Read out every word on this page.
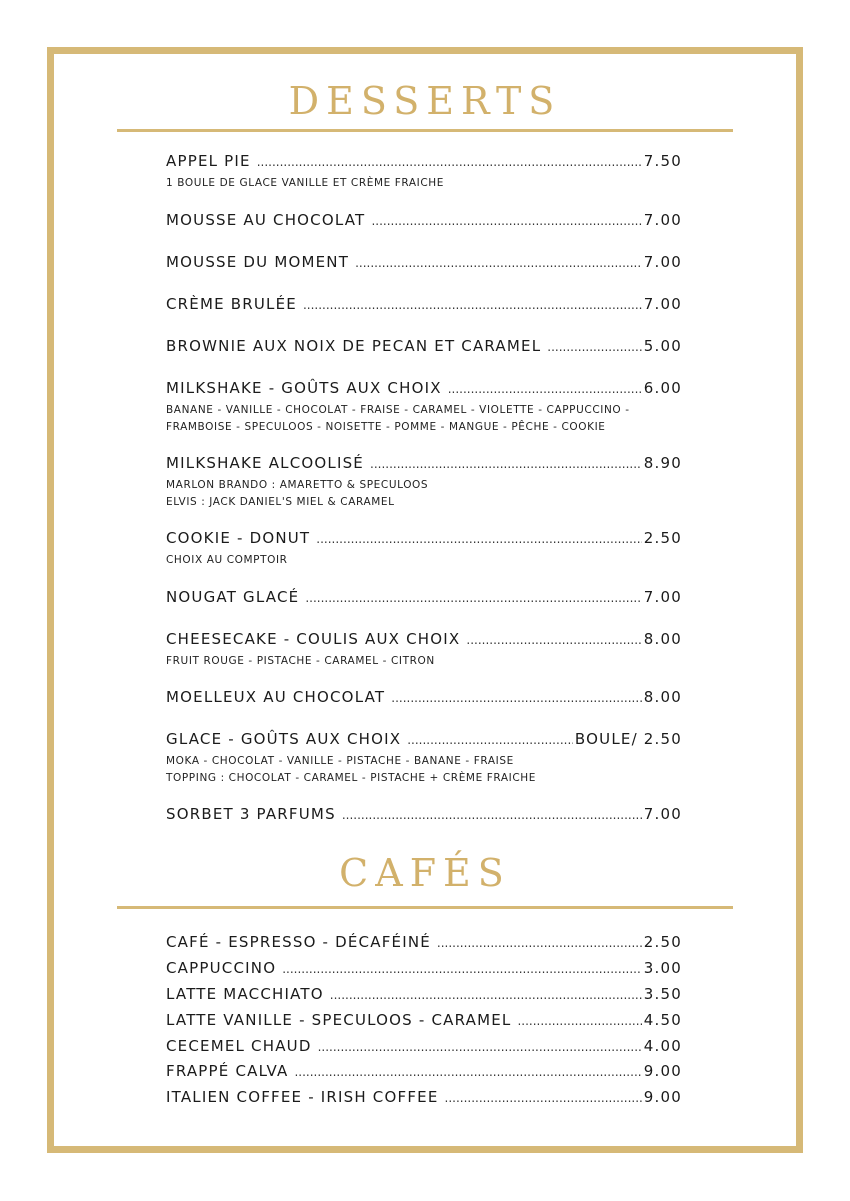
DESSERTS
APPEL PIE .....	7.50
1 BOULE DE GLACE VANILLE ET CRÈME FRAICHE
MOUSSE AU CHOCOLAT .....	7.00
MOUSSE DU MOMENT .....	7.00
CRÈME BRULÉE .....	7.00
BROWNIE AUX NOIX DE PECAN ET CARAMEL .....	5.00
MILKSHAKE - GOÛTS AUX CHOIX .....	6.00
BANANE - VANILLE - CHOCOLAT - FRAISE - CARAMEL - VIOLETTE - CAPPUCCINO -
FRAMBOISE - SPECULOOS - NOISETTE - POMME - MANGUE - PÊCHE - COOKIE
MILKSHAKE ALCOOLISÉ .....	8.90
MARLON BRANDO : AMARETTO & SPECULOOS
ELVIS : JACK DANIEL'S MIEL & CARAMEL
COOKIE - DONUT .....	2.50
CHOIX AU COMPTOIR
NOUGAT GLACÉ .....	7.00
CHEESECAKE - COULIS AUX CHOIX .....	8.00
FRUIT ROUGE - PISTACHE - CARAMEL - CITRON
MOELLEUX AU CHOCOLAT .....	8.00
GLACE - GOÛTS AUX CHOIX .....	BOULE/ 2.50
MOKA - CHOCOLAT - VANILLE - PISTACHE - BANANE - FRAISE
TOPPING : CHOCOLAT - CARAMEL - PISTACHE + CRÈME FRAICHE
SORBET 3 PARFUMS .....	7.00
CAFÉS
CAFÉ - ESPRESSO - DÉCAFÉINÉ .....	2.50
CAPPUCCINO .....	3.00
LATTE MACCHIATO .....	3.50
LATTE VANILLE - SPECULOOS - CARAMEL .....	4.50
CECEMEL CHAUD .....	4.00
FRAPPÉ CALVA .....	9.00
ITALIEN COFFEE - IRISH COFFEE .....	9.00
